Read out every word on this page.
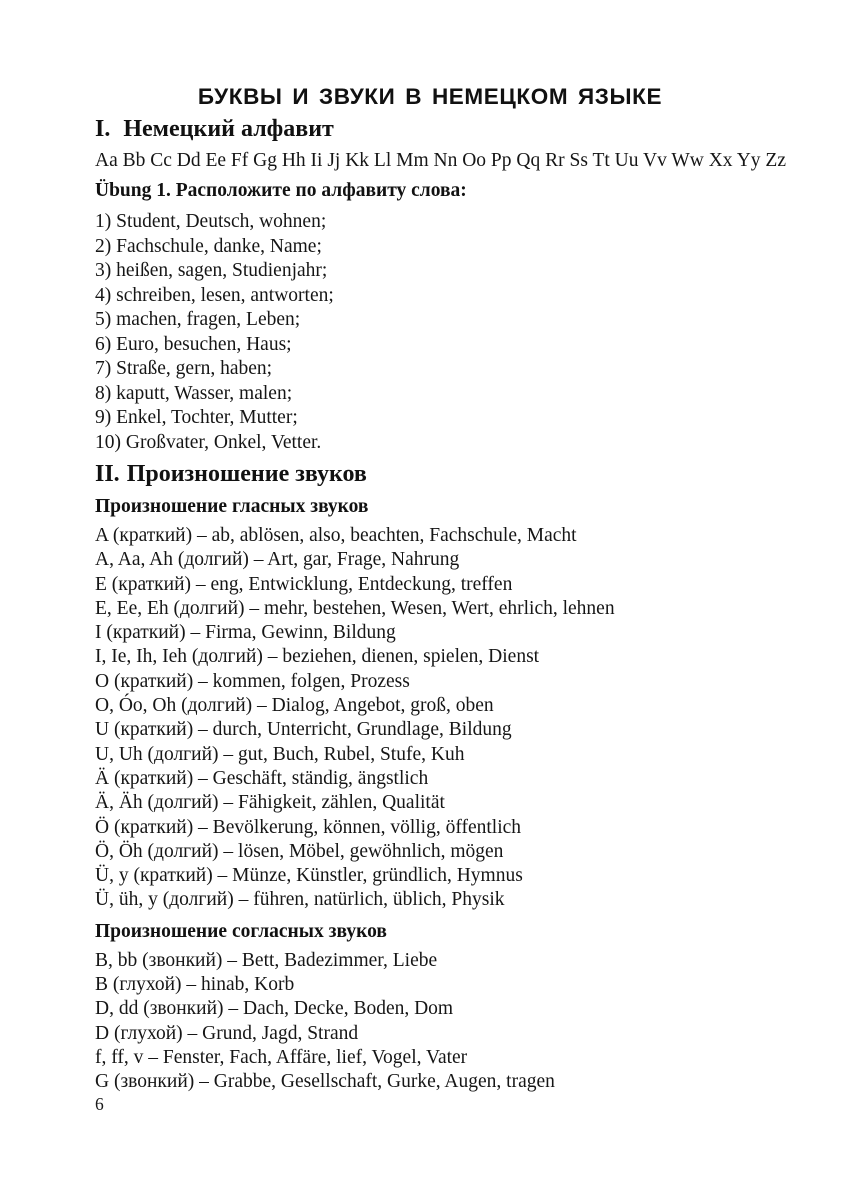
БУКВЫ И ЗВУКИ В НЕМЕЦКОМ ЯЗЫКЕ
I. Немецкий алфавит
Aa Bb Cc Dd Ee Ff Gg Hh Ii Jj Kk Ll Mm Nn Oo Pp Qq Rr Ss Tt Uu Vv Ww Xx Yy Zz
Übung 1. Расположите по алфавиту слова:
1) Student, Deutsch, wohnen;
2) Fachschule, danke, Name;
3) heißen, sagen, Studienjahr;
4) schreiben, lesen, antworten;
5) machen, fragen, Leben;
6) Euro, besuchen, Haus;
7) Straße, gern, haben;
8) kaputt, Wasser, malen;
9) Enkel, Tochter, Mutter;
10) Großvater, Onkel, Vetter.
II. Произношение звуков
Произношение гласных звуков
A (краткий) – ab, ablösen, also, beachten, Fachschule, Macht
A, Aa, Ah (долгий) – Art, gar, Frage, Nahrung
E (краткий) – eng, Entwicklung, Entdeckung, treffen
E, Ee, Eh (долгий) – mehr, bestehen, Wesen, Wert, ehrlich, lehnen
I (краткий) – Firma, Gewinn, Bildung
I, Ie, Ih, Ieh (долгий) – beziehen, dienen, spielen, Dienst
O (краткий) – kommen, folgen, Prozess
O, Óo, Oh (долгий) – Dialog, Angebot, groß, oben
U (краткий) – durch, Unterricht, Grundlage, Bildung
U, Uh (долгий) – gut, Buch, Rubel, Stufe, Kuh
Ä (краткий) – Geschäft, ständig, ängstlich
Ä, Äh (долгий) – Fähigkeit, zählen, Qualität
Ö (краткий) – Bevölkerung, können, völlig, öffentlich
Ö, Öh (долгий) – lösen, Möbel, gewöhnlich, mögen
Ü, y (краткий) – Münze, Künstler, gründlich, Hymnus
Ü, üh, y (долгий) – führen, natürlich, üblich, Physik
Произношение согласных звуков
B, bb (звонкий) – Bett, Badezimmer, Liebe
B (глухой) – hinab, Korb
D, dd (звонкий) – Dach, Decke, Boden, Dom
D (глухой) – Grund, Jagd, Strand
f, ff, v – Fenster, Fach, Affäre, lief, Vogel, Vater
G (звонкий) – Grabbe, Gesellschaft, Gurke, Augen, tragen
6
